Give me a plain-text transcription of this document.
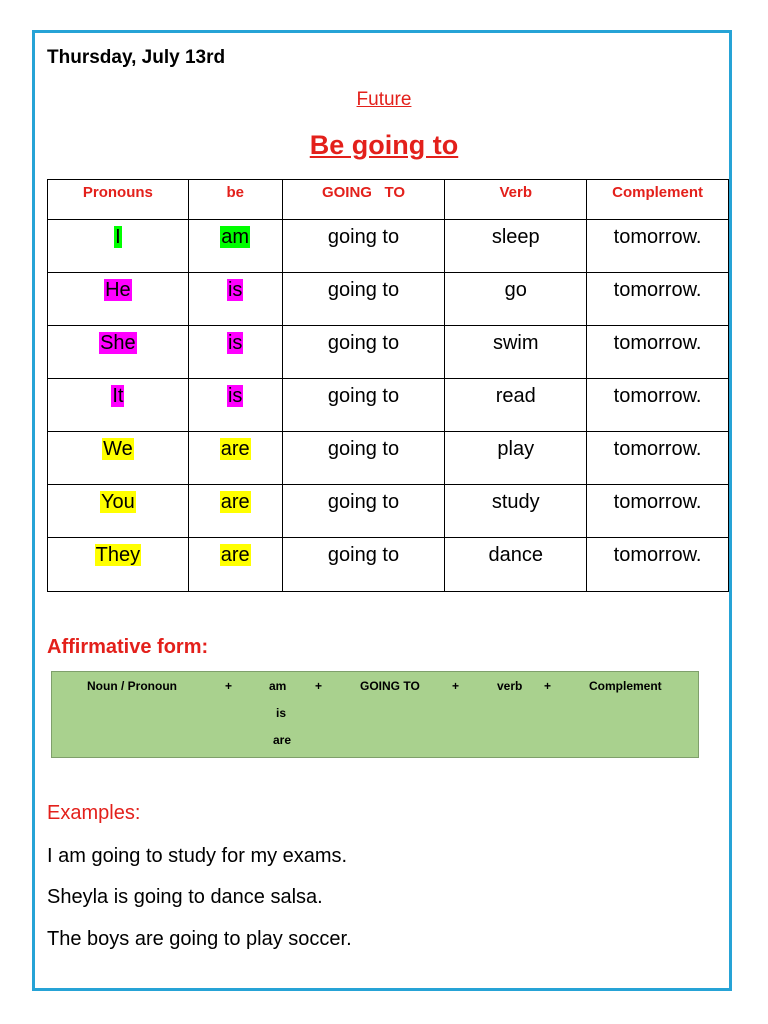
Thursday, July 13rd
Future
Be going to
Pronouns	be	GOING   TO	Verb	Complement
I	am	going to	sleep	tomorrow.
He	is	going to	go	tomorrow.
She	is	going to	swim	tomorrow.
It	is	going to	read	tomorrow.
We	are	going to	play	tomorrow.
You	are	going to	study	tomorrow.
They	are	going to	dance	tomorrow.
Affirmative form:
Noun / Pronoun	+	am +	GOING TO	+	verb +	Complement
is
are
Examples:
I am going to study for my exams.
Sheyla is going to dance salsa.
The boys are going to play soccer.
